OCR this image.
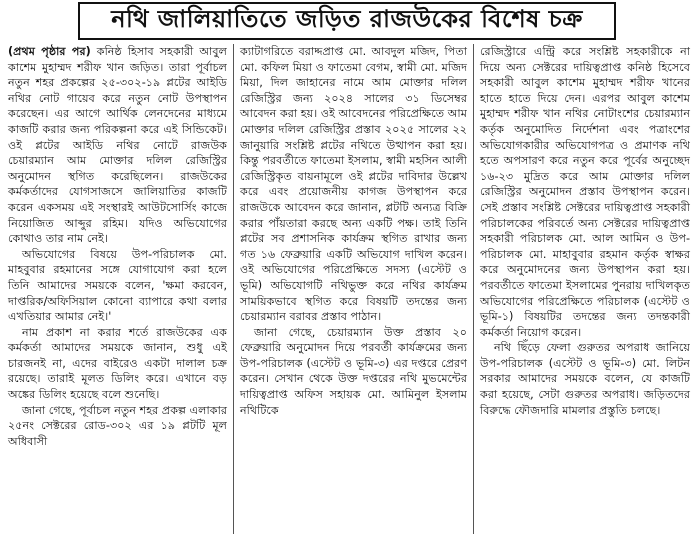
নথি জালিয়াতিতে জড়িত রাজউকের বিশেষ চক্র

(প্রথম পৃষ্ঠার পর) কনিষ্ঠ হিসাব সহকারী আবুল কাশেম মুহাম্মদ শরীফ খান জড়িত। তারা পূর্বাচল নতুন শহর প্রকল্পের ২৫-৩০২-১৯ প্লটের আইডি নথির নোট গায়েব করে নতুন নোট উপস্থাপন করেছেন। এর আগে আর্থিক লেনদেনের মাধ্যমে কাজটি করার জন্য পরিকল্পনা করে এই সিন্ডিকেট। ওই প্লটের আইডি নথির নোটে রাজউক চেয়ারম্যান আম মোক্তার দলিল রেজিস্ট্রির অনুমোদন স্থগিত করেছিলেন। রাজউকের কর্মকর্তাদের যোগসাজসে জালিয়াতির কাজটি করেন একসময় এই সংস্থারই আউটসোর্সিং কাজে নিয়োজিত আব্দুর রহিম। যদিও অভিযোগের কোথাও তার নাম নেই।

অভিযোগের বিষয়ে উপ-পরিচালক মো. মাহবুবার রহমানের সঙ্গে যোগাযোগ করা হলে তিনি আমাদের সময়কে বলেন, 'ক্ষমা করবেন, দাপ্তরিক/অফিসিয়াল কোনো ব্যাপারে কথা বলার এখতিয়ার আমার নেই।'

নাম প্রকাশ না করার শর্তে রাজউকের এক কর্মকর্তা আমাদের সময়কে জানান, শুধু এই চারজনই না, এদের বাইরেও একটা দালাল চক্র রয়েছে। তারাই মূলত ডিলিং করে। এখানে বড় অঙ্কের ডিলিং হয়েছে বলে শুনেছি।

জানা গেছে, পূর্বাচল নতুন শহর প্রকল্প এলাকার ২৫নং সেক্টরের রোড-৩০২ এর ১৯ প্লটটি মূল অধিবাসী

ক্যাটাগরিতে বরাদ্দপ্রাপ্ত মো. আবদুল মজিদ, পিতা মো. কফিল মিয়া ও ফাতেমা বেগম, স্বামী মো. মজিদ মিয়া, দিল জাহানের নামে আম মোক্তার দলিল রেজিস্ট্রির জন্য ২০২৪ সালের ৩১ ডিসেম্বর আবেদন করা হয়। ওই আবেদনের পরিপ্রেক্ষিতে আম মোক্তার দলিল রেজিস্ট্রির প্রস্তাব ২০২৫ সালের ২২ জানুয়ারি সংশ্লিষ্ট প্লটের নথিতে উত্থাপন করা হয়। কিন্তু পরবর্তীতে ফাতেমা ইসলাম, স্বামী মহসিন আলী রেজিস্ট্রিকৃত বায়নামূলে ওই প্লটের দাবিদার উল্লেখ করে এবং প্রয়োজনীয় কাগজ উপস্থাপন করে রাজউকে আবেদন করে জানান, প্লটটি অন্যত্র বিক্রি করার পাঁয়তারা করছে অন্য একটি পক্ষ। তাই তিনি প্লটের সব প্রশাসনিক কার্যক্রম স্থগিত রাখার জন্য গত ১৬ ফেব্রুয়ারি একটি অভিযোগ দাখিল করেন। ওই অভিযোগের পরিপ্রেক্ষিতে সদস্য (এস্টেট ও ভূমি) অভিযোগটি নথিভুক্ত করে নথির কার্যক্রম সাময়িকভাবে স্থগিত করে বিষয়টি তদন্তের জন্য চেয়ারম্যান বরাবর প্রস্তাব পাঠান।

জানা গেছে, চেয়ারম্যান উক্ত প্রস্তাব ২০ ফেব্রুয়ারি অনুমোদন দিয়ে পরবর্তী কার্যক্রমের জন্য উপ-পরিচালক (এস্টেট ও ভূমি-৩) এর দপ্তরে প্রেরণ করেন। সেখান থেকে উক্ত দপ্তরের নথি মুভমেন্টের দায়িত্বপ্রাপ্ত অফিস সহায়ক মো. আমিনুল ইসলাম নথিটিকে

রেজিস্ট্রারে এন্ট্রি করে সংশ্লিষ্ট সহকারীকে না দিয়ে অন্য সেক্টরের দায়িত্বপ্রাপ্ত কনিষ্ঠ হিসেবে সহকারী আবুল কাশেম মুহাম্মদ শরীফ খানের হাতে হাতে দিয়ে দেন। এরপর আবুল কাশেম মুহাম্মদ শরীফ খান নথির নোটাংশের চেয়ারম্যান কর্তৃক অনুমোদিত নির্দেশনা এবং পত্রাংশের অভিযোগকারীর অভিযোগপত্র ও প্রমাণক নথি হতে অপসারণ করে নতুন করে পূর্বের অনুচ্ছেদ ১৬-২৩ মুদ্রিত করে আম মোক্তার দলিল রেজিস্ট্রির অনুমোদন প্রস্তাব উপস্থাপন করেন। সেই প্রস্তাব সংশ্লিষ্ট সেক্টরের দায়িত্বপ্রাপ্ত সহকারী পরিচালকের পরিবর্তে অন্য সেক্টরের দায়িত্বপ্রাপ্ত সহকারী পরিচালক মো. আল আমিন ও উপ-পরিচালক মো. মাহাবুবার রহমান কর্তৃক স্বাক্ষর করে অনুমোদনের জন্য উপস্থাপন করা হয়। পরবর্তীতে ফাতেমা ইসলামের পুনরায় দাখিলকৃত অভিযোগের পরিপ্রেক্ষিতে পরিচালক (এস্টেট ও ভূমি-১) বিষয়টির তদন্তের জন্য তদন্তকারী কর্মকর্তা নিয়োগ করেন।

নথি ছিঁড়ে ফেলা গুরুতর অপরাধ জানিয়ে উপ-পরিচালক (এস্টেট ও ভূমি-৩) মো. লিটন সরকার আমাদের সময়কে বলেন, যে কাজটি করা হয়েছে, সেটা গুরুতর অপরাধ। জড়িতদের বিরুদ্ধে ফৌজদারি মামলার প্রস্তুতি চলছে।
